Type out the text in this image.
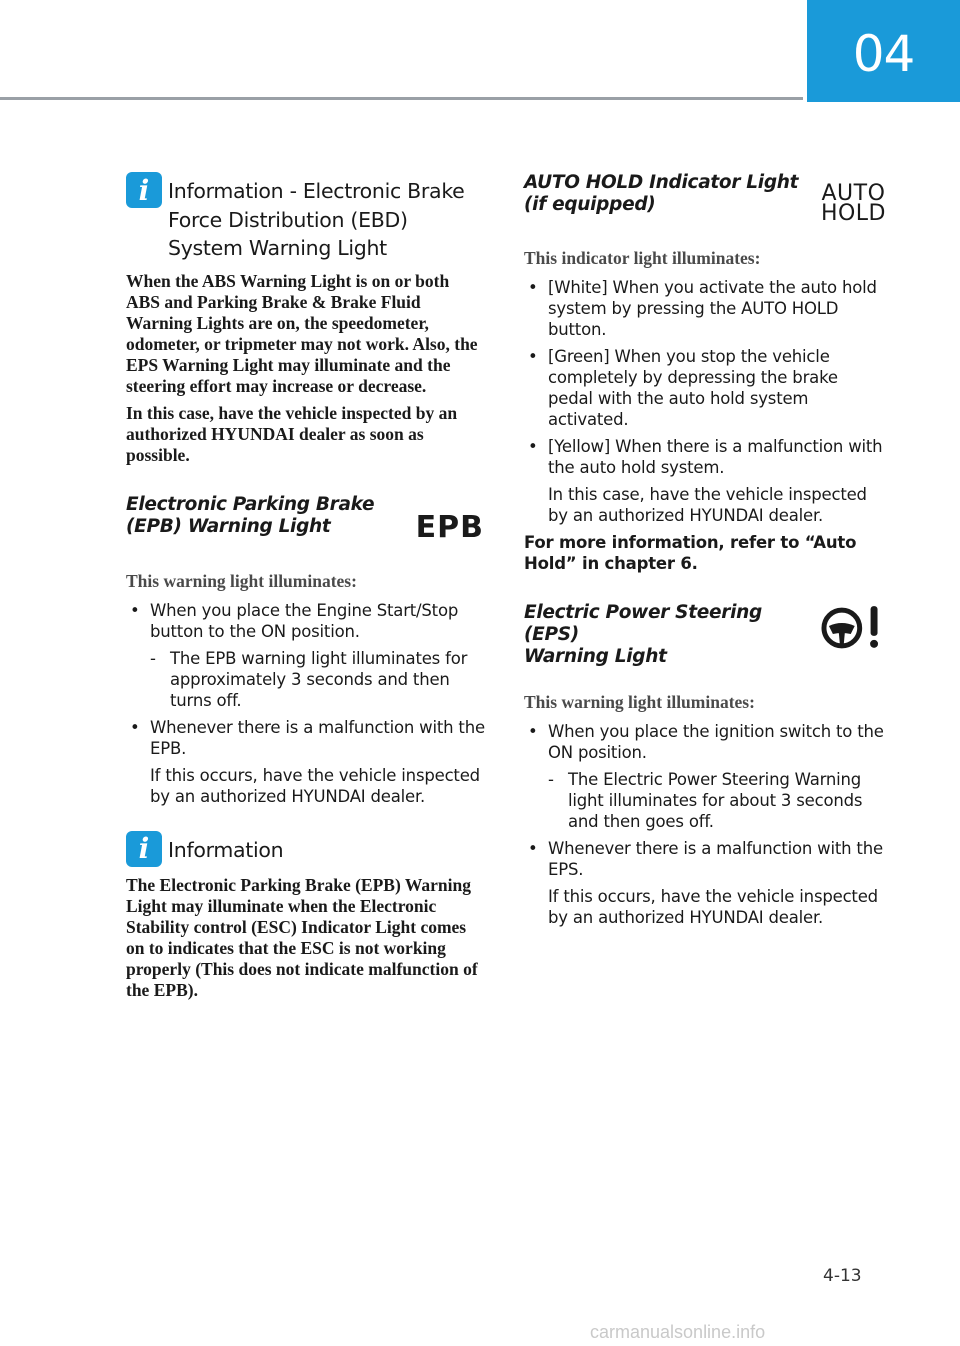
04
i Information - Electronic Brake
Force Distribution (EBD)
System Warning Light

When the ABS Warning Light is on or both ABS and Parking Brake & Brake Fluid Warning Lights are on, the speedometer, odometer, or tripmeter may not work. Also, the EPS Warning Light may illuminate and the steering effort may increase or decrease.

In this case, have the vehicle inspected by an authorized HYUNDAI dealer as soon as possible.

Electronic Parking Brake
(EPB) Warning Light	EPB

This warning light illuminates:

• When you place the Engine Start/Stop button to the ON position.
- The EPB warning light illuminates for approximately 3 seconds and then turns off.
• Whenever there is a malfunction with the EPB.
If this occurs, have the vehicle inspected by an authorized HYUNDAI dealer.
i Information

The Electronic Parking Brake (EPB) Warning Light may illuminate when the Electronic Stability control (ESC) Indicator Light comes on to indicates that the ESC is not working properly (This does not indicate malfunction of the EPB).

AUTO HOLD Indicator Light
(if equipped)	AUTO
HOLD

This indicator light illuminates:

• [White] When you activate the auto hold system by pressing the AUTO HOLD button.
• [Green] When you stop the vehicle completely by depressing the brake pedal with the auto hold system activated.
• [Yellow] When there is a malfunction with the auto hold system.
In this case, have the vehicle inspected by an authorized HYUNDAI dealer.

For more information, refer to “Auto Hold” in chapter 6.

Electric Power Steering (EPS)
Warning Light

This warning light illuminates:

• When you place the ignition switch to the ON position.
- The Electric Power Steering Warning light illuminates for about 3 seconds and then goes off.
• Whenever there is a malfunction with the EPS.
If this occurs, have the vehicle inspected by an authorized HYUNDAI dealer.
4-13
carmanualsonline.info
